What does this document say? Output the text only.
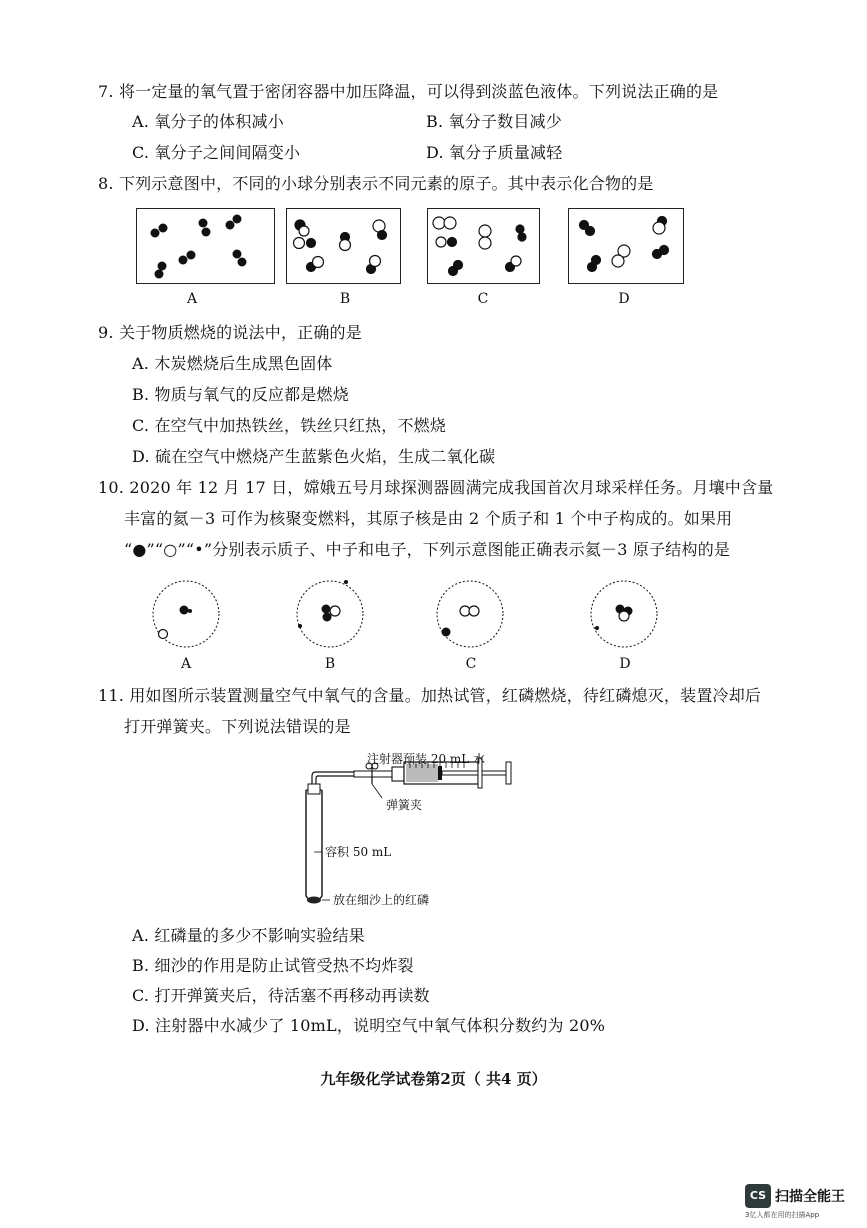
7. 将一定量的氧气置于密闭容器中加压降温，可以得到淡蓝色液体。下列说法正确的是
A. 氧分子的体积减小	B. 氧分子数目减少
C. 氧分子之间间隔变小	D. 氧分子质量减轻
8. 下列示意图中，不同的小球分别表示不同元素的原子。其中表示化合物的是
A	B	C	D
9. 关于物质燃烧的说法中，正确的是
A. 木炭燃烧后生成黑色固体
B. 物质与氧气的反应都是燃烧
C. 在空气中加热铁丝，铁丝只红热，不燃烧
D. 硫在空气中燃烧产生蓝紫色火焰，生成二氧化碳
10. 2020 年 12 月 17 日，嫦娥五号月球探测器圆满完成我国首次月球采样任务。月壤中含量
丰富的氦－3 可作为核聚变燃料，其原子核是由 2 个质子和 1 个中子构成的。如果用
“●”“○”“•”分别表示质子、中子和电子，下列示意图能正确表示氦－3 原子结构的是
A	B	C	D
11. 用如图所示装置测量空气中氧气的含量。加热试管，红磷燃烧，待红磷熄灭，装置冷却后
打开弹簧夹。下列说法错误的是
注射器预装 20 mL 水
弹簧夹
容积 50 mL
放在细沙上的红磷
A. 红磷量的多少不影响实验结果
B. 细沙的作用是防止试管受热不均炸裂
C. 打开弹簧夹后，待活塞不再移动再读数
D. 注射器中水减少了 10mL，说明空气中氧气体积分数约为 20%
九年级化学试卷第2页（ 共4 页）
CS 扫描全能王
3亿人都在用的扫描App
